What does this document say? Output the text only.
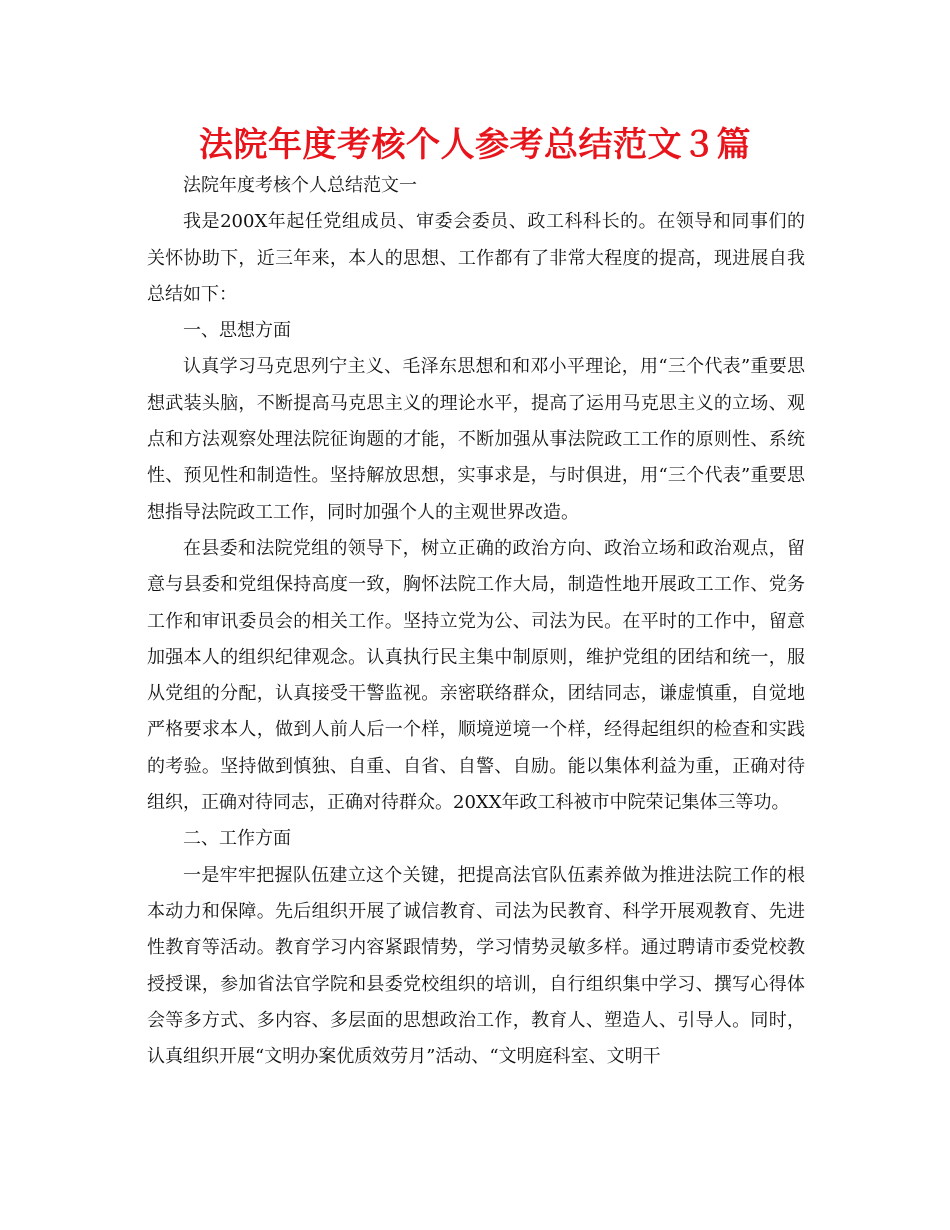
法院年度考核个人参考总结范文３篇

法院年度考核个人总结范文一

我是200X年起任党组成员、审委会委员、政工科科长的。在领导和同事们的关怀协助下，近三年来，本人的思想、工作都有了非常大程度的提高，现进展自我总结如下：

一、思想方面

认真学习马克思列宁主义、毛泽东思想和和邓小平理论，用“三个代表”重要思想武装头脑，不断提高马克思主义的理论水平，提高了运用马克思主义的立场、观点和方法观察处理法院征询题的才能，不断加强从事法院政工工作的原则性、系统性、预见性和制造性。坚持解放思想，实事求是，与时俱进，用“三个代表”重要思想指导法院政工工作，同时加强个人的主观世界改造。

在县委和法院党组的领导下，树立正确的政治方向、政治立场和政治观点，留意与县委和党组保持高度一致，胸怀法院工作大局，制造性地开展政工工作、党务工作和审讯委员会的相关工作。坚持立党为公、司法为民。在平时的工作中，留意加强本人的组织纪律观念。认真执行民主集中制原则，维护党组的团结和统一，服从党组的分配，认真接受干警监视。亲密联络群众，团结同志，谦虚慎重，自觉地严格要求本人，做到人前人后一个样，顺境逆境一个样，经得起组织的检查和实践的考验。坚持做到慎独、自重、自省、自警、自励。能以集体利益为重，正确对待组织，正确对待同志，正确对待群众。20XX年政工科被市中院荣记集体三等功。

二、工作方面

一是牢牢把握队伍建立这个关键，把提高法官队伍素养做为推进法院工作的根本动力和保障。先后组织开展了诚信教育、司法为民教育、科学开展观教育、先进性教育等活动。教育学习内容紧跟情势，学习情势灵敏多样。通过聘请市委党校教授授课，参加省法官学院和县委党校组织的培训，自行组织集中学习、撰写心得体会等多方式、多内容、多层面的思想政治工作，教育人、塑造人、引导人。同时，认真组织开展“文明办案优质效劳月”活动、“文明庭科室、文明干
